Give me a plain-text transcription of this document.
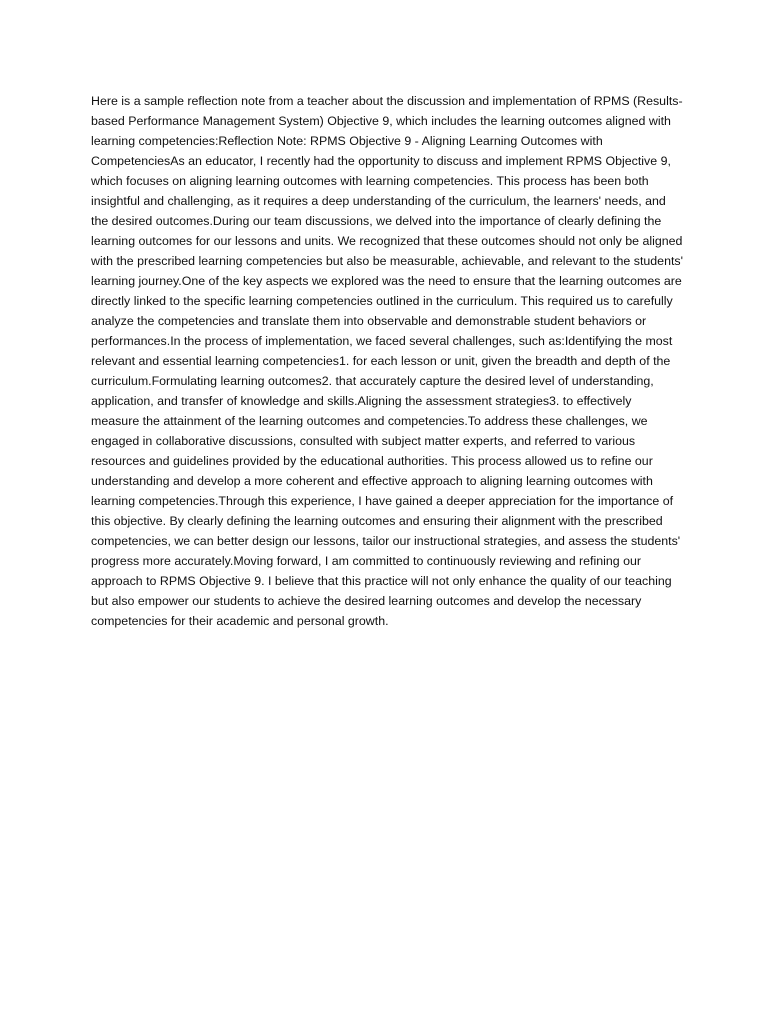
Here is a sample reflection note from a teacher about the discussion and implementation of RPMS (Results-based Performance Management System) Objective 9, which includes the learning outcomes aligned with learning competencies:Reflection Note: RPMS Objective 9 - Aligning Learning Outcomes with CompetenciesAs an educator, I recently had the opportunity to discuss and implement RPMS Objective 9, which focuses on aligning learning outcomes with learning competencies. This process has been both insightful and challenging, as it requires a deep understanding of the curriculum, the learners' needs, and the desired outcomes.During our team discussions, we delved into the importance of clearly defining the learning outcomes for our lessons and units. We recognized that these outcomes should not only be aligned with the prescribed learning competencies but also be measurable, achievable, and relevant to the students' learning journey.One of the key aspects we explored was the need to ensure that the learning outcomes are directly linked to the specific learning competencies outlined in the curriculum. This required us to carefully analyze the competencies and translate them into observable and demonstrable student behaviors or performances.In the process of implementation, we faced several challenges, such as:Identifying the most relevant and essential learning competencies1. for each lesson or unit, given the breadth and depth of the curriculum.Formulating learning outcomes2. that accurately capture the desired level of understanding, application, and transfer of knowledge and skills.Aligning the assessment strategies3. to effectively measure the attainment of the learning outcomes and competencies.To address these challenges, we engaged in collaborative discussions, consulted with subject matter experts, and referred to various resources and guidelines provided by the educational authorities. This process allowed us to refine our understanding and develop a more coherent and effective approach to aligning learning outcomes with learning competencies.Through this experience, I have gained a deeper appreciation for the importance of this objective. By clearly defining the learning outcomes and ensuring their alignment with the prescribed competencies, we can better design our lessons, tailor our instructional strategies, and assess the students' progress more accurately.Moving forward, I am committed to continuously reviewing and refining our approach to RPMS Objective 9. I believe that this practice will not only enhance the quality of our teaching but also empower our students to achieve the desired learning outcomes and develop the necessary competencies for their academic and personal growth.
